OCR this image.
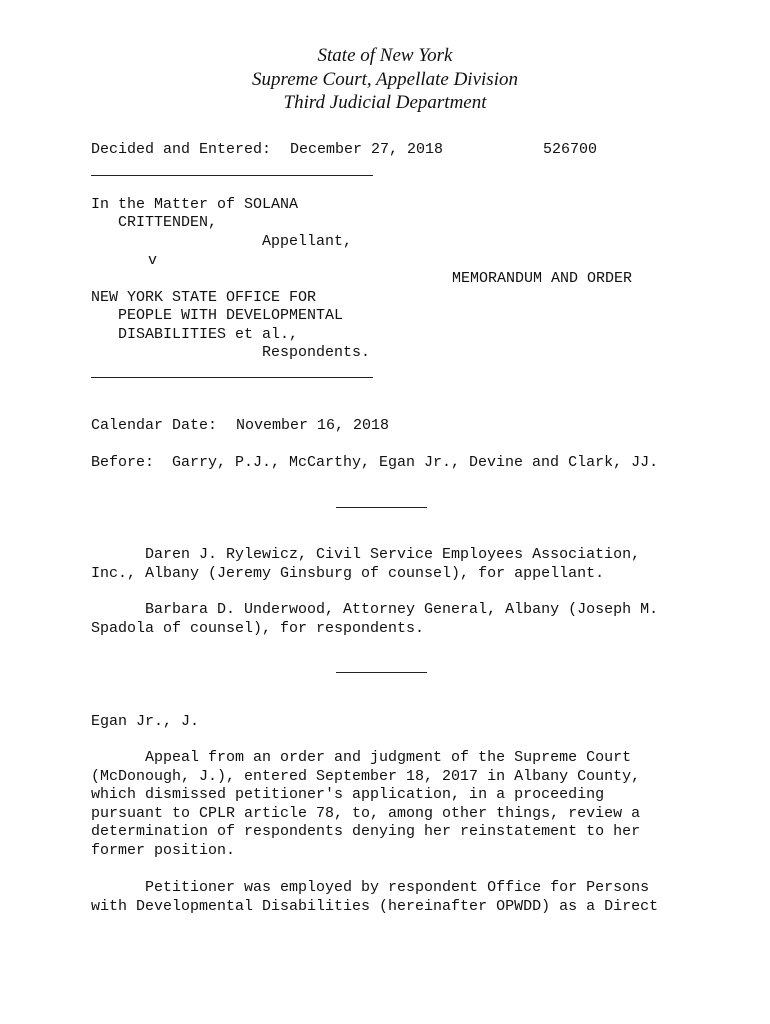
State of New York
Supreme Court, Appellate Division
Third Judicial Department
Decided and Entered: December 27, 2018	526700
In the Matter of SOLANA
CRITTENDEN,
Appellant,
v
MEMORANDUM AND ORDER
NEW YORK STATE OFFICE FOR
PEOPLE WITH DEVELOPMENTAL
DISABILITIES et al.,
Respondents.
Calendar Date: November 16, 2018
Before: Garry, P.J., McCarthy, Egan Jr., Devine and Clark, JJ.
Daren J. Rylewicz, Civil Service Employees Association,
Inc., Albany (Jeremy Ginsburg of counsel), for appellant.
Barbara D. Underwood, Attorney General, Albany (Joseph M.
Spadola of counsel), for respondents.
Egan Jr., J.
Appeal from an order and judgment of the Supreme Court
(McDonough, J.), entered September 18, 2017 in Albany County,
which dismissed petitioner's application, in a proceeding
pursuant to CPLR article 78, to, among other things, review a
determination of respondents denying her reinstatement to her
former position.
Petitioner was employed by respondent Office for Persons
with Developmental Disabilities (hereinafter OPWDD) as a Direct
